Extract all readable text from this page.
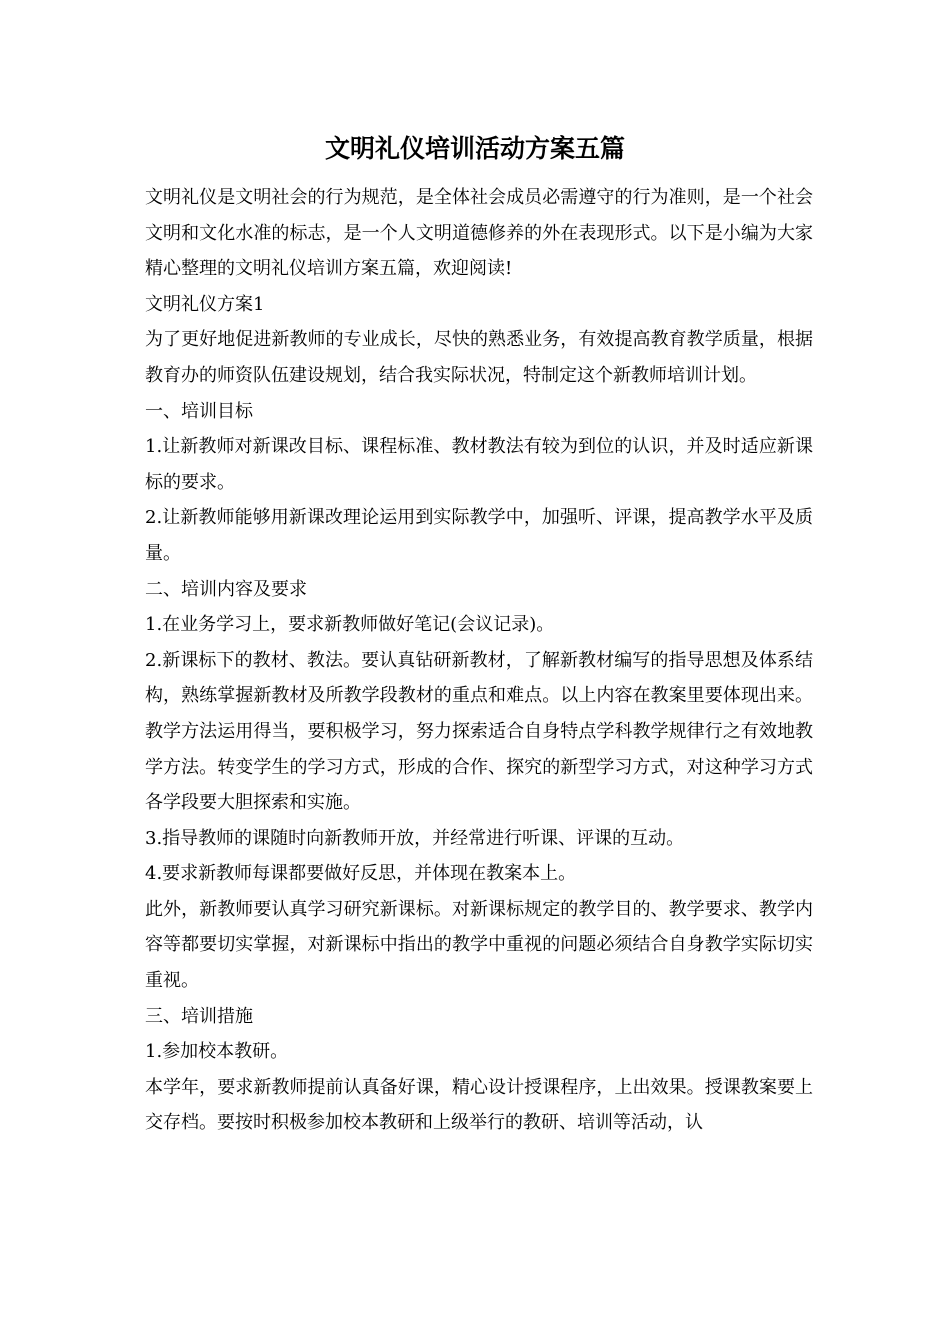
文明礼仪培训活动方案五篇

文明礼仪是文明社会的行为规范，是全体社会成员必需遵守的行为准则，是一个社会文明和文化水准的标志，是一个人文明道德修养的外在表现形式。以下是小编为大家精心整理的文明礼仪培训方案五篇，欢迎阅读!

文明礼仪方案1

为了更好地促进新教师的专业成长，尽快的熟悉业务，有效提高教育教学质量，根据教育办的师资队伍建设规划，结合我实际状况，特制定这个新教师培训计划。

一、培训目标

1.让新教师对新课改目标、课程标准、教材教法有较为到位的认识，并及时适应新课标的要求。

2.让新教师能够用新课改理论运用到实际教学中，加强听、评课，提高教学水平及质量。

二、培训内容及要求

1.在业务学习上，要求新教师做好笔记(会议记录)。

2.新课标下的教材、教法。要认真钻研新教材，了解新教材编写的指导思想及体系结构，熟练掌握新教材及所教学段教材的重点和难点。以上内容在教案里要体现出来。教学方法运用得当，要积极学习，努力探索适合自身特点学科教学规律行之有效地教学方法。转变学生的学习方式，形成的合作、探究的新型学习方式，对这种学习方式各学段要大胆探索和实施。

3.指导教师的课随时向新教师开放，并经常进行听课、评课的互动。

4.要求新教师每课都要做好反思，并体现在教案本上。

此外，新教师要认真学习研究新课标。对新课标规定的教学目的、教学要求、教学内容等都要切实掌握，对新课标中指出的教学中重视的问题必须结合自身教学实际切实重视。

三、培训措施

1.参加校本教研。

本学年，要求新教师提前认真备好课，精心设计授课程序，上出效果。授课教案要上交存档。要按时积极参加校本教研和上级举行的教研、培训等活动，认
